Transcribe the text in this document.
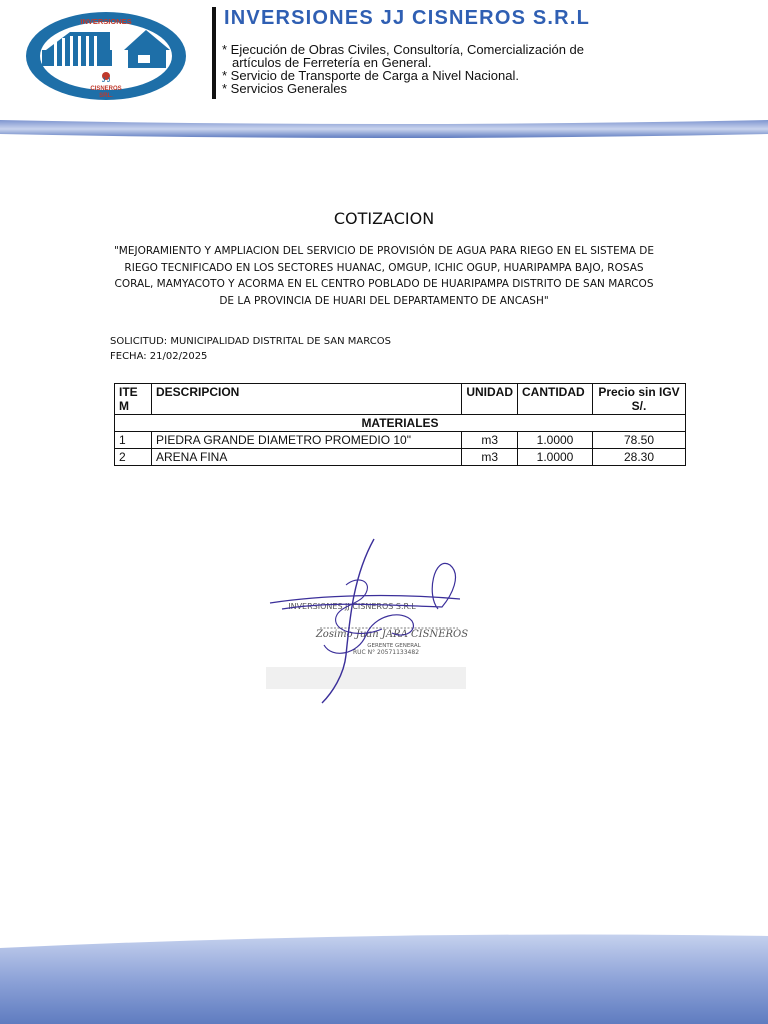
INVERSIONES
J J
CISNEROS
SRL.
INVERSIONES JJ CISNEROS S.R.L
* Ejecución de Obras Civiles, Consultoría, Comercialización de
artículos de Ferretería en General.
* Servicio de Transporte de Carga a Nivel Nacional.
* Servicios Generales
COTIZACION
"MEJORAMIENTO Y AMPLIACION DEL SERVICIO DE PROVISIÓN DE AGUA PARA RIEGO EN EL SISTEMA DE RIEGO TECNIFICADO EN LOS SECTORES HUANAC, OMGUP, ICHIC OGUP, HUARIPAMPA BAJO, ROSAS CORAL, MAMYACOTO Y ACORMA EN EL CENTRO POBLADO DE HUARIPAMPA DISTRITO DE SAN MARCOS DE LA PROVINCIA DE HUARI DEL DEPARTAMENTO DE ANCASH"
SOLICITUD: MUNICIPALIDAD DISTRITAL DE SAN MARCOS
FECHA: 21/02/2025
ITEM	DESCRIPCION	UNIDAD	CANTIDAD	Precio sin IGV S/.
MATERIALES				
1	PIEDRA GRANDE DIAMETRO PROMEDIO 10"	m3	1.0000	78.50
2	ARENA FINA	m3	1.0000	28.30
INVERSIONES JJ CISNEROS S.R.L
Zosimo Juan JARA CISNEROS
GERENTE GENERAL
RUC N° 20571133482
